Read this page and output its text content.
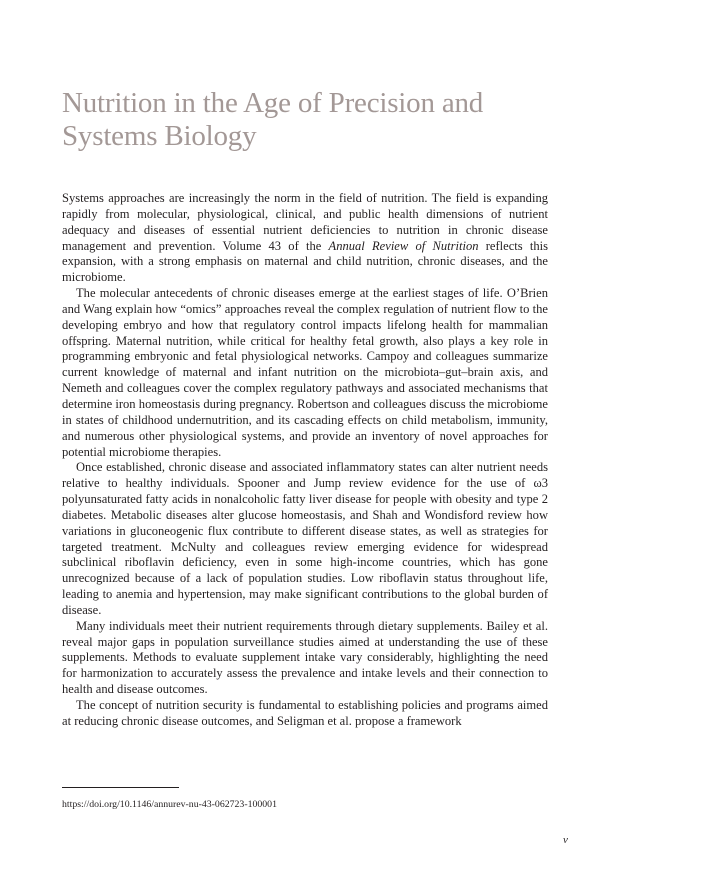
Nutrition in the Age of Precision and
Systems Biology

Systems approaches are increasingly the norm in the field of nutrition. The field is expanding rapidly from molecular, physiological, clinical, and public health dimensions of nutrient adequacy and diseases of essential nutrient deficiencies to nutrition in chronic disease management and prevention. Volume 43 of the Annual Review of Nutrition reflects this expansion, with a strong emphasis on maternal and child nutrition, chronic diseases, and the microbiome.

The molecular antecedents of chronic diseases emerge at the earliest stages of life. O’Brien and Wang explain how “omics” approaches reveal the complex regulation of nutrient flow to the developing embryo and how that regulatory control impacts lifelong health for mammalian offspring. Maternal nutrition, while critical for healthy fetal growth, also plays a key role in programming embryonic and fetal physiological networks. Campoy and colleagues summarize current knowledge of maternal and infant nutrition on the microbiota–gut–brain axis, and Nemeth and colleagues cover the complex regulatory pathways and associated mechanisms that determine iron homeostasis during pregnancy. Robertson and colleagues discuss the microbiome in states of childhood undernutrition, and its cascading effects on child metabolism, immunity, and numerous other physiological systems, and provide an inventory of novel approaches for potential microbiome therapies.

Once established, chronic disease and associated inflammatory states can alter nutrient needs relative to healthy individuals. Spooner and Jump review evidence for the use of ω3 polyunsaturated fatty acids in nonalcoholic fatty liver disease for people with obesity and type 2 diabetes. Metabolic diseases alter glucose homeostasis, and Shah and Wondisford review how variations in gluconeogenic flux contribute to different disease states, as well as strategies for targeted treatment. McNulty and colleagues review emerging evidence for widespread subclinical riboflavin deficiency, even in some high-income countries, which has gone unrecognized because of a lack of population studies. Low riboflavin status throughout life, leading to anemia and hypertension, may make significant contributions to the global burden of disease.

Many individuals meet their nutrient requirements through dietary supplements. Bailey et al. reveal major gaps in population surveillance studies aimed at understanding the use of these supplements. Methods to evaluate supplement intake vary considerably, highlighting the need for harmonization to accurately assess the prevalence and intake levels and their connection to health and disease outcomes.

The concept of nutrition security is fundamental to establishing policies and programs aimed at reducing chronic disease outcomes, and Seligman et al. propose a framework

https://doi.org/10.1146/annurev-nu-43-062723-100001
v
